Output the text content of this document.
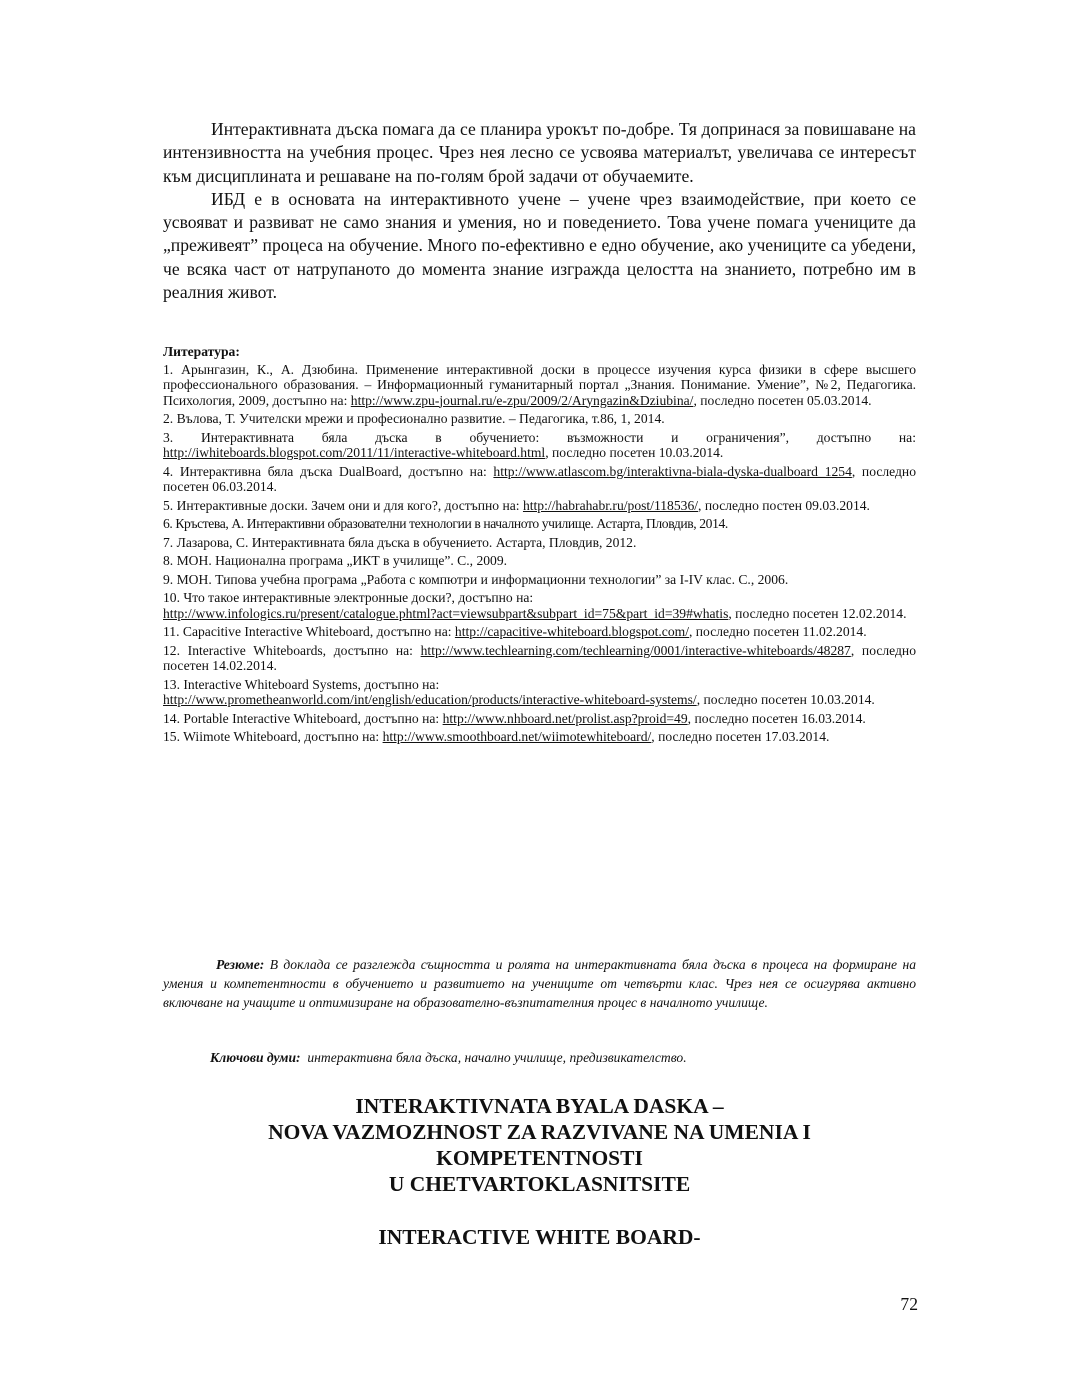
Интерактивната дъска помага да се планира урокът по-добре. Тя допринася за повишаване на интензивността на учебния процес. Чрез нея лесно се усвоява материалът, увеличава се интересът към дисциплината и решаване на по-голям брой задачи от обучаемите.

ИБД е в основата на интерактивното учене – учене чрез взаимодействие, при което се усвояват и развиват не само знания и умения, но и поведението. Това учене помага учениците да „преживеят” процеса на обучение. Много по-ефективно е едно обучение, ако учениците са убедени, че всяка част от натрупаното до момента знание изгражда целостта на знанието, потребно им в реалния живот.

Литература:
1. Арынгазин, К., А. Дзюбина. Применение интерактивной доски в процессе изучения курса физики в сфере высшего профессионального образования. – Информационный гуманитарный портал „Знания. Понимание. Умение”, №2, Педагогика. Психология, 2009, достъпно на: http://www.zpu-journal.ru/e-zpu/2009/2/Aryngazin&Dziubina/, последно посетен 05.03.2014.
2. Вълова, Т. Учителски мрежи и професионално развитие. – Педагогика, т.86, 1, 2014.
3. Интерактивната бяла дъска в обучението: възможности и ограничения”, достъпно на: http://iwhiteboards.blogspot.com/2011/11/interactive-whiteboard.html, последно посетен 10.03.2014.
4. Интерактивна бяла дъска DualBoard, достъпно на: http://www.atlascom.bg/interaktivna-biala-dyska-dualboard_1254, последно посетен 06.03.2014.
5. Интерактивные доски. Зачем они и для кого?, достъпно на: http://habrahabr.ru/post/118536/, последно постен 09.03.2014.
6. Кръстева, А. Интерактивни образователни технологии в началното училище. Астарта, Пловдив, 2014.
7. Лазарова, С. Интерактивната бяла дъска в обучението. Астарта, Пловдив, 2012.
8. МОН. Национална програма „ИКТ в училище”. С., 2009.
9. МОН. Типова учебна програма „Работа с компютри и информационни технологии” за I-IV клас. С., 2006.
10. Что такое интерактивные электронные доски?, достъпно на:
http://www.infologics.ru/present/catalogue.phtml?act=viewsubpart&subpart_id=75&part_id=39#whatis, последно посетен 12.02.2014.
11. Capacitive Interactive Whiteboard, достъпно на: http://capacitive-whiteboard.blogspot.com/, последно посетен 11.02.2014.
12. Interactive Whiteboards, достъпно на: http://www.techlearning.com/techlearning/0001/interactive-whiteboards/48287, последно посетен 14.02.2014.
13. Interactive Whiteboard Systems, достъпно на:
http://www.prometheanworld.com/int/english/education/products/interactive-whiteboard-systems/, последно посетен 10.03.2014.
14. Portable Interactive Whiteboard, достъпно на: http://www.nhboard.net/prolist.asp?proid=49, последно посетен 16.03.2014.
15. Wiimote Whiteboard, достъпно на: http://www.smoothboard.net/wiimotewhiteboard/, последно посетен 17.03.2014.
Резюме: В доклада се разглежда същността и ролята на интерактивната бяла дъска в процеса на формиране на умения и компетентности в обучението и развитието на учениците от четвърти клас. Чрез нея се осигурява активно включване на учащите и оптимизиране на образователно-възпитателния процес в началното училище.
Ключови думи:  интерактивна бяла дъска, начално училище, предизвикателство.
INTERAKTIVNATA BYALA DASKA –
NOVA VAZMOZHNOST ZA RAZVIVANE NA UMENIA I
KOMPETENTNOSTI
U CHETVARTOKLASNITSITE
INTERACTIVE WHITE BOARD-
72
